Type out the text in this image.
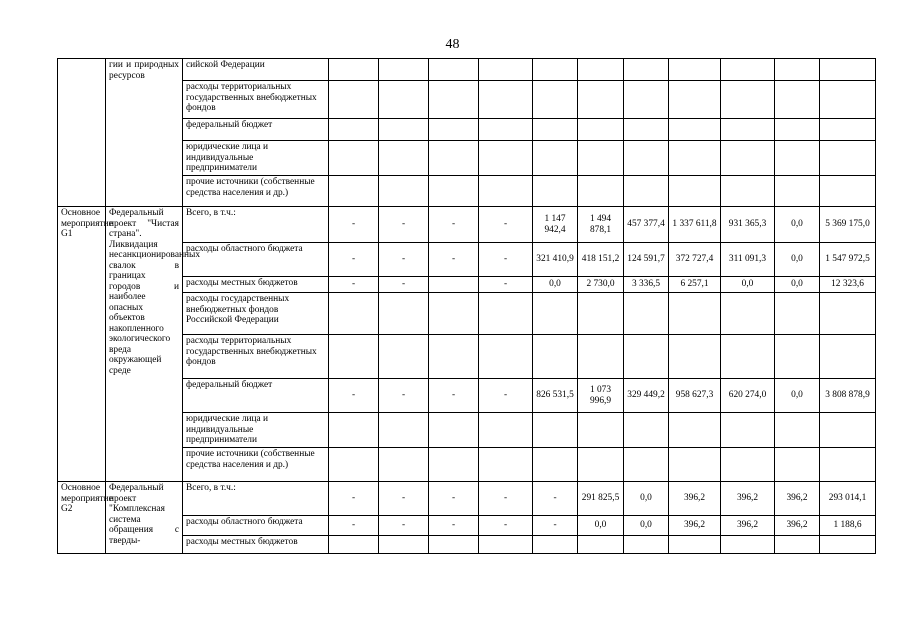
48
	гии и природных ресурсов	сийской Федерации											
		расходы территориальных государственных внебюджетных фондов											
		федеральный бюджет											
		юридические лица и индивидуальные предприниматели											
		прочие источники (собственные средства населения и др.)											
Основное мероприятие G1	Федеральный проект "Чистая страна". Ликвидация несанкционированных свалок в границах городов и наиболее опасных объектов накопленного экологического вреда окружающей среде	Всего, в т.ч.:	-	-	-	-	1 147 942,4	1 494 878,1	457 377,4	1 337 611,8	931 365,3	0,0	5 369 175,0
		расходы областного бюджета	-	-	-	-	321 410,9	418 151,2	124 591,7	372 727,4	311 091,3	0,0	1 547 972,5
		расходы местных бюджетов	-	-		-	0,0	2 730,0	3 336,5	6 257,1	0,0	0,0	12 323,6
		расходы государственных внебюджетных фондов Российской Федерации											
		расходы территориальных государственных внебюджетных фондов											
		федеральный бюджет	-	-	-	-	826 531,5	1 073 996,9	329 449,2	958 627,3	620 274,0	0,0	3 808 878,9
		юридические лица и индивидуальные предприниматели											
		прочие источники (собственные средства населения и др.)											
Основное мероприятие G2	Федеральный проект "Комплексная система обращения с тверды-	Всего, в т.ч.:	-	-	-	-	-	291 825,5	0,0	396,2	396,2	396,2	293 014,1
		расходы областного бюджета	-	-	-	-	-	0,0	0,0	396,2	396,2	396,2	1 188,6
		расходы местных бюджетов											
